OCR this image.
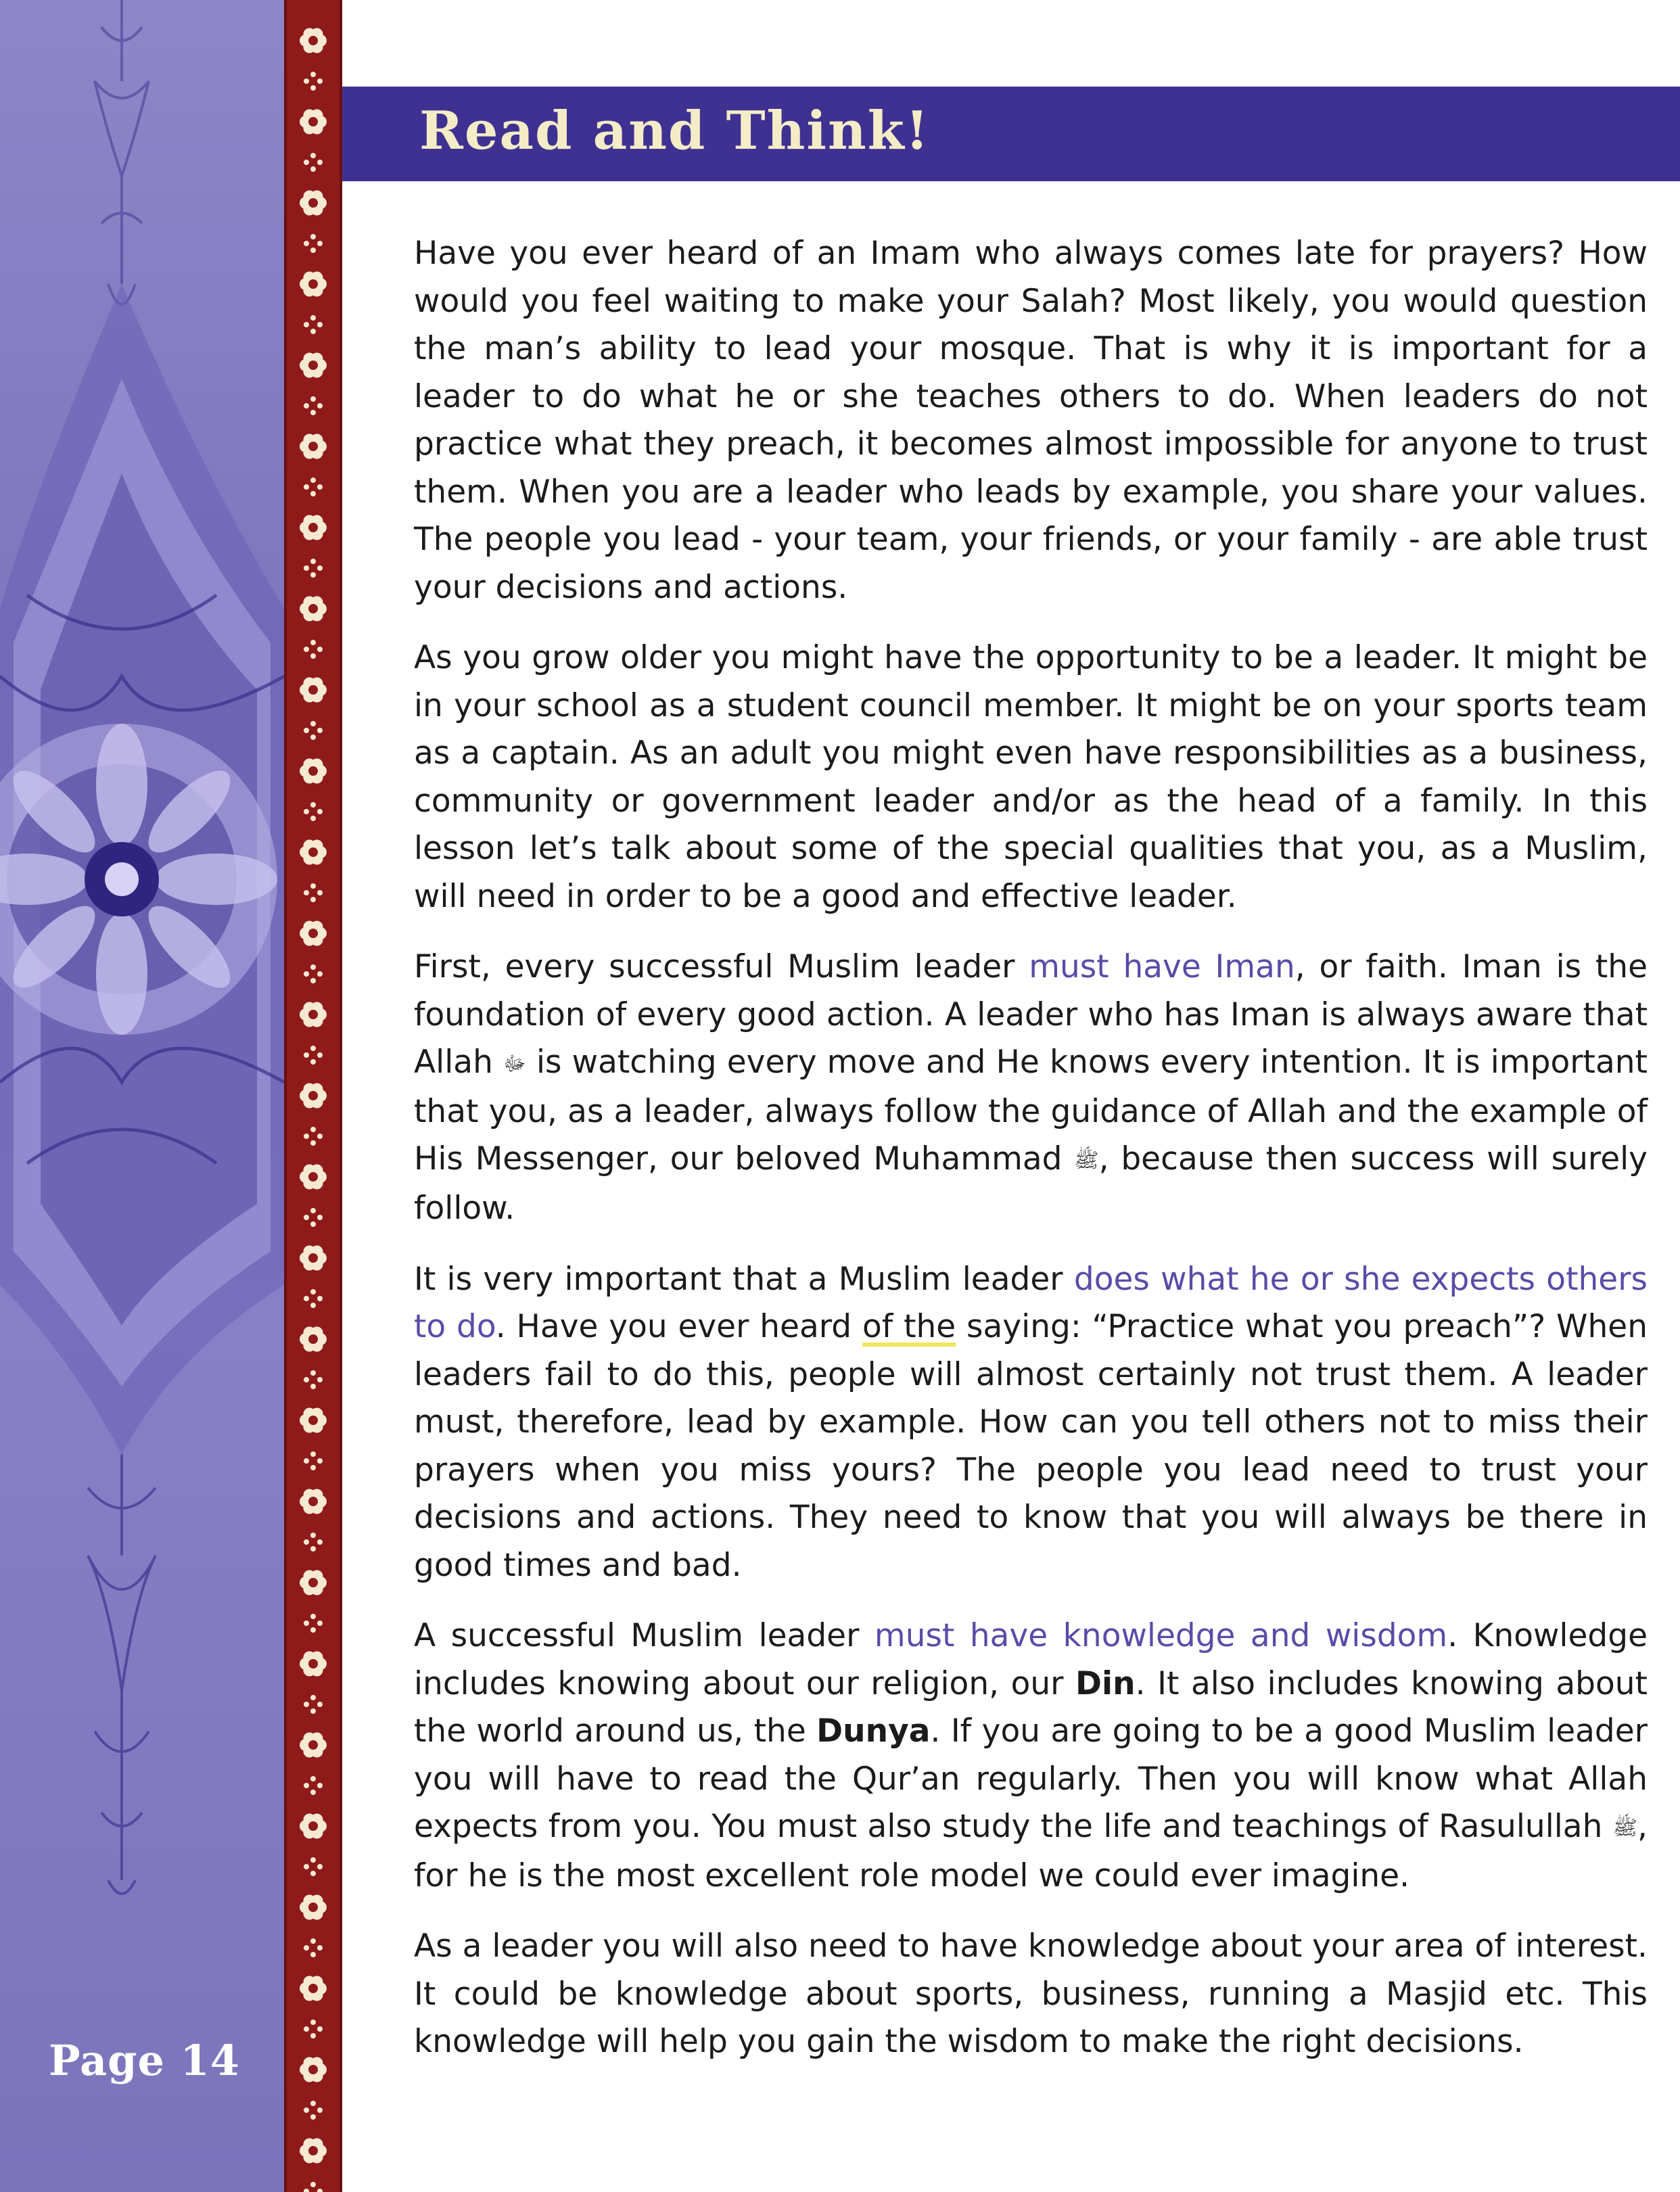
Page 14
Read and Think!

Have you ever heard of an Imam who always comes late for prayers? How would you feel waiting to make your Salah? Most likely, you would question the man’s ability to lead your mosque. That is why it is important for a leader to do what he or she teaches others to do. When leaders do not practice what they preach, it becomes almost impossible for anyone to trust them. When you are a leader who leads by example, you share your values. The people you lead - your team, your friends, or your family - are able trust your decisions and actions.

As you grow older you might have the opportunity to be a leader. It might be in your school as a student council member. It might be on your sports team as a captain. As an adult you might even have responsibilities as a business, community or government leader and/or as the head of a family. In this lesson let’s talk about some of the special qualities that you, as a Muslim, will need in order to be a good and effective leader.

First, every successful Muslim leader must have Iman, or faith. Iman is the foundation of every good action. A leader who has Iman is always aware that Allah ﷻ is watching every move and He knows every intention. It is important that you, as a leader, always follow the guidance of Allah and the example of His Messenger, our beloved Muhammad ﷺ, because then success will surely follow.

It is very important that a Muslim leader does what he or she expects others to do. Have you ever heard of the saying: “Practice what you preach”? When leaders fail to do this, people will almost certainly not trust them. A leader must, therefore, lead by example. How can you tell others not to miss their prayers when you miss yours? The people you lead need to trust your decisions and actions. They need to know that you will always be there in good times and bad.

A successful Muslim leader must have knowledge and wisdom. Knowledge includes knowing about our religion, our Din. It also includes knowing about the world around us, the Dunya. If you are going to be a good Muslim leader you will have to read the Qur’an regularly. Then you will know what Allah expects from you. You must also study the life and teachings of Rasulullah ﷺ, for he is the most excellent role model we could ever imagine.

As a leader you will also need to have knowledge about your area of interest. It could be knowledge about sports, business, running a Masjid etc. This knowledge will help you gain the wisdom to make the right decisions.
